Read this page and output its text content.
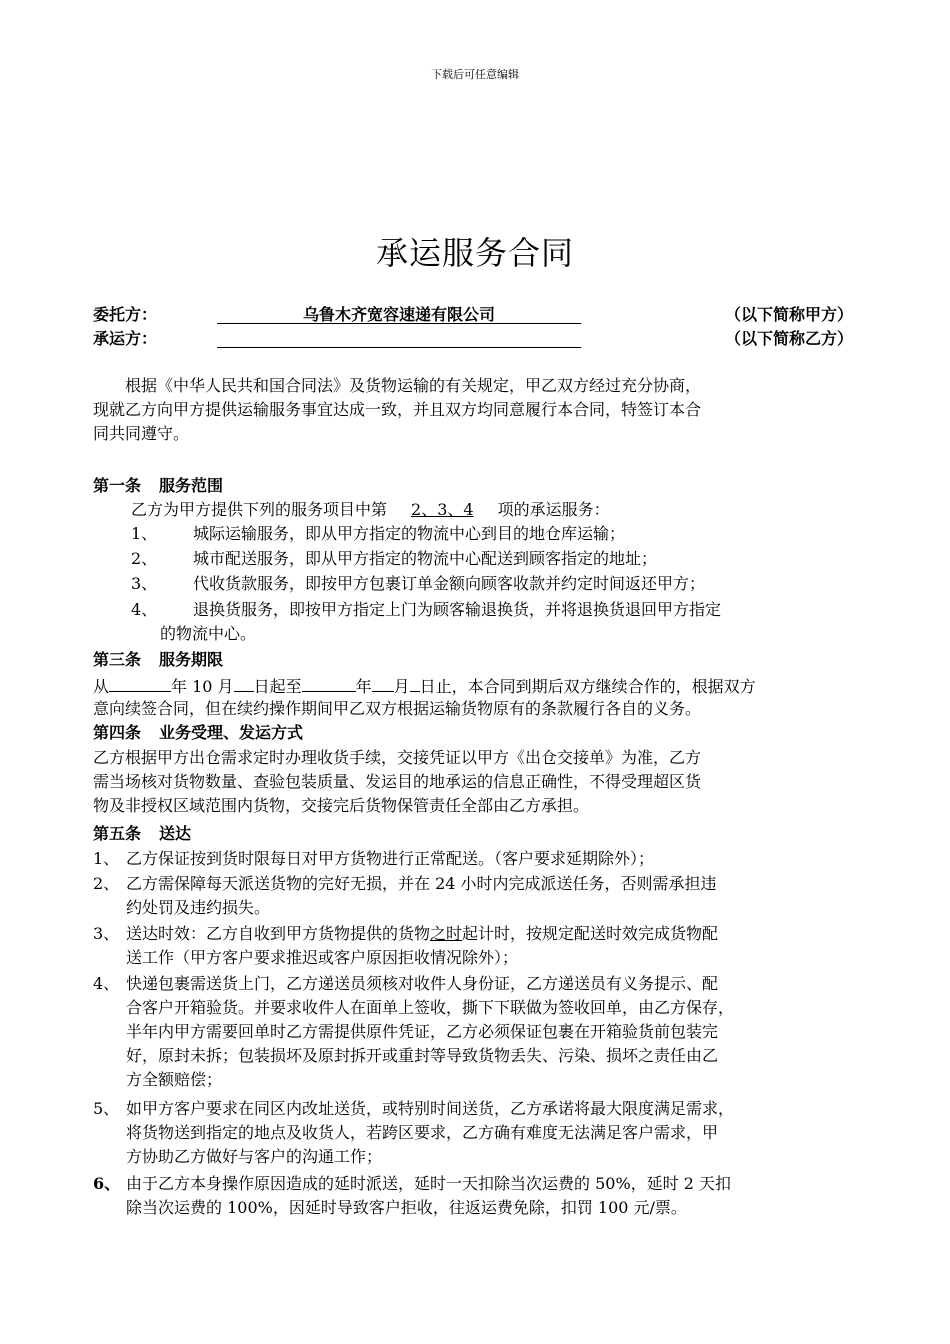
下载后可任意编辑
承运服务合同
委托方：	乌鲁木齐宽容速递有限公司	（以下简称甲方）
承运方：	（以下简称乙方）
根据《中华人民共和国合同法》及货物运输的有关规定，甲乙双方经过充分协商，
现就乙方向甲方提供运输服务事宜达成一致，并且双方均同意履行本合同，特签订本合
同共同遵守。
第一条 服务范围
乙方为甲方提供下列的服务项目中第 2、3、4 项的承运服务：
1、 城际运输服务，即从甲方指定的物流中心到目的地仓库运输；
2、 城市配送服务，即从甲方指定的物流中心配送到顾客指定的地址；
3、 代收货款服务，即按甲方包裹订单金额向顾客收款并约定时间返还甲方；
4、 退换货服务，即按甲方指定上门为顾客输退换货，并将退换货退回甲方指定
的物流中心。
第三条 服务期限
从	年 10 月 日起至	年 月 日止，本合同到期后双方继续合作的，根据双方
意向续签合同，但在续约操作期间甲乙双方根据运输货物原有的条款履行各自的义务。
第四条 业务受理、发运方式
乙方根据甲方出仓需求定时办理收货手续，交接凭证以甲方《出仓交接单》为准，乙方
需当场核对货物数量、查验包装质量、发运目的地承运的信息正确性，不得受理超区货
物及非授权区域范围内货物，交接完后货物保管责任全部由乙方承担。
第五条 送达
1、 乙方保证按到货时限每日对甲方货物进行正常配送。（客户要求延期除外）；
2、 乙方需保障每天派送货物的完好无损，并在 24 小时内完成派送任务，否则需承担违
约处罚及违约损失。
3、 送达时效：乙方自收到甲方货物提供的货物之时起计时，按规定配送时效完成货物配
送工作（甲方客户要求推迟或客户原因拒收情况除外）；
4、 快递包裹需送货上门，乙方递送员须核对收件人身份证，乙方递送员有义务提示、配
合客户开箱验货。并要求收件人在面单上签收，撕下下联做为签收回单，由乙方保存，
半年内甲方需要回单时乙方需提供原件凭证，乙方必须保证包裹在开箱验货前包装完
好，原封未拆；包装损坏及原封拆开或重封等导致货物丢失、污染、损坏之责任由乙
方全额赔偿；
5、 如甲方客户要求在同区内改址送货，或特别时间送货，乙方承诺将最大限度满足需求，
将货物送到指定的地点及收货人，若跨区要求，乙方确有难度无法满足客户需求，甲
方协助乙方做好与客户的沟通工作；
6、 由于乙方本身操作原因造成的延时派送，延时一天扣除当次运费的 50%，延时 2 天扣
除当次运费的 100%，因延时导致客户拒收，往返运费免除，扣罚 100 元/票。
